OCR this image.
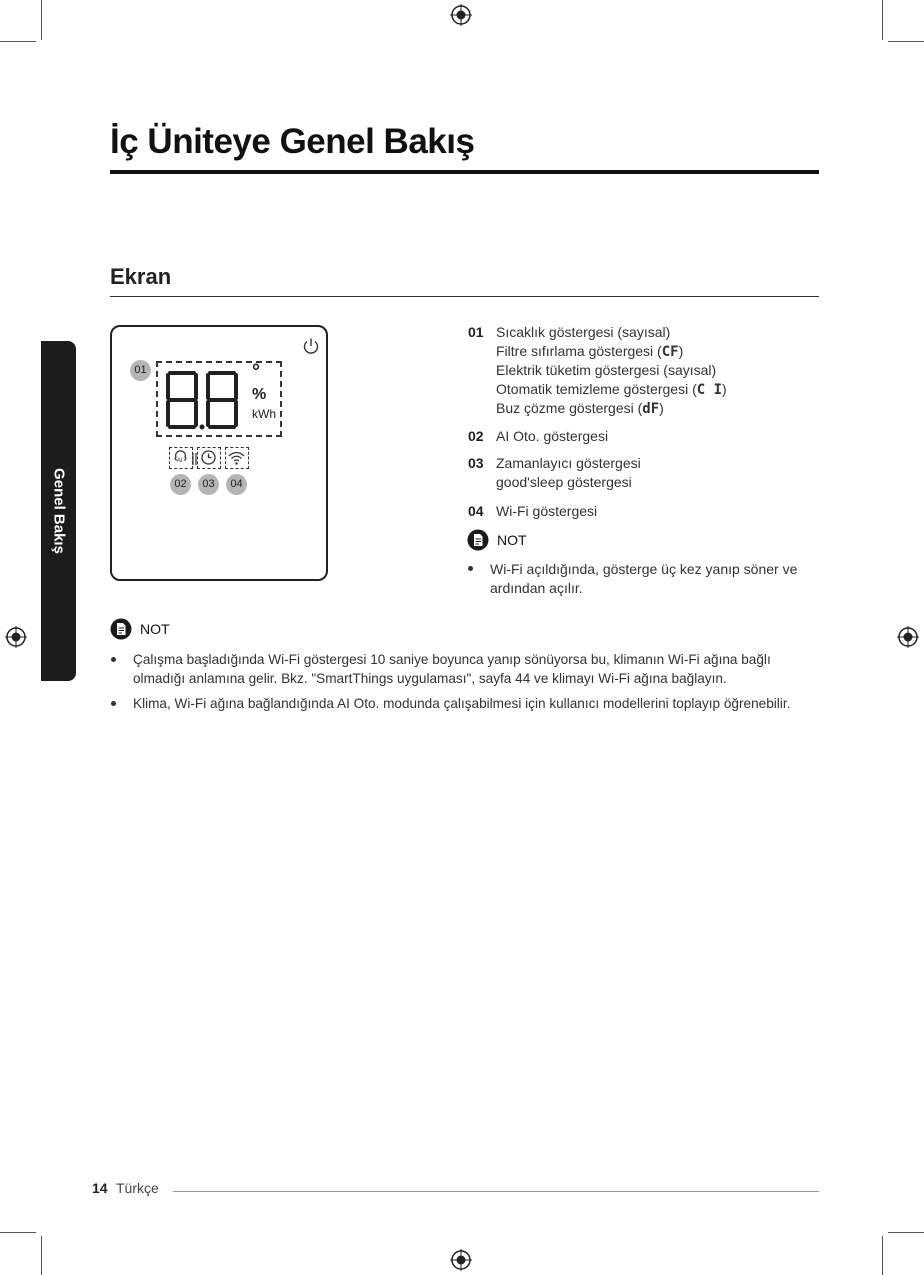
İç Üniteye Genel Bakış
Ekran
Genel Bakış
01	°
%
kWh
AI
02	03	04
01 Sıcaklık göstergesi (sayısal)
Filtre sıfırlama göstergesi (CF)
Elektrik tüketim göstergesi (sayısal)
Otomatik temizleme göstergesi (C I)
Buz çözme göstergesi (dF)
02 AI Oto. göstergesi
03 Zamanlayıcı göstergesi
good'sleep göstergesi
04 Wi-Fi göstergesi
NOT
Wi-Fi açıldığında, gösterge üç kez yanıp söner ve
ardından açılır.
NOT
Çalışma başladığında Wi-Fi göstergesi 10 saniye boyunca yanıp sönüyorsa bu, klimanın Wi-Fi ağına bağlı
olmadığı anlamına gelir. Bkz. "SmartThings uygulaması", sayfa 44 ve klimayı Wi-Fi ağına bağlayın.
Klima, Wi-Fi ağına bağlandığında AI Oto. modunda çalışabilmesi için kullanıcı modellerini toplayıp öğrenebilir.
14 Türkçe
